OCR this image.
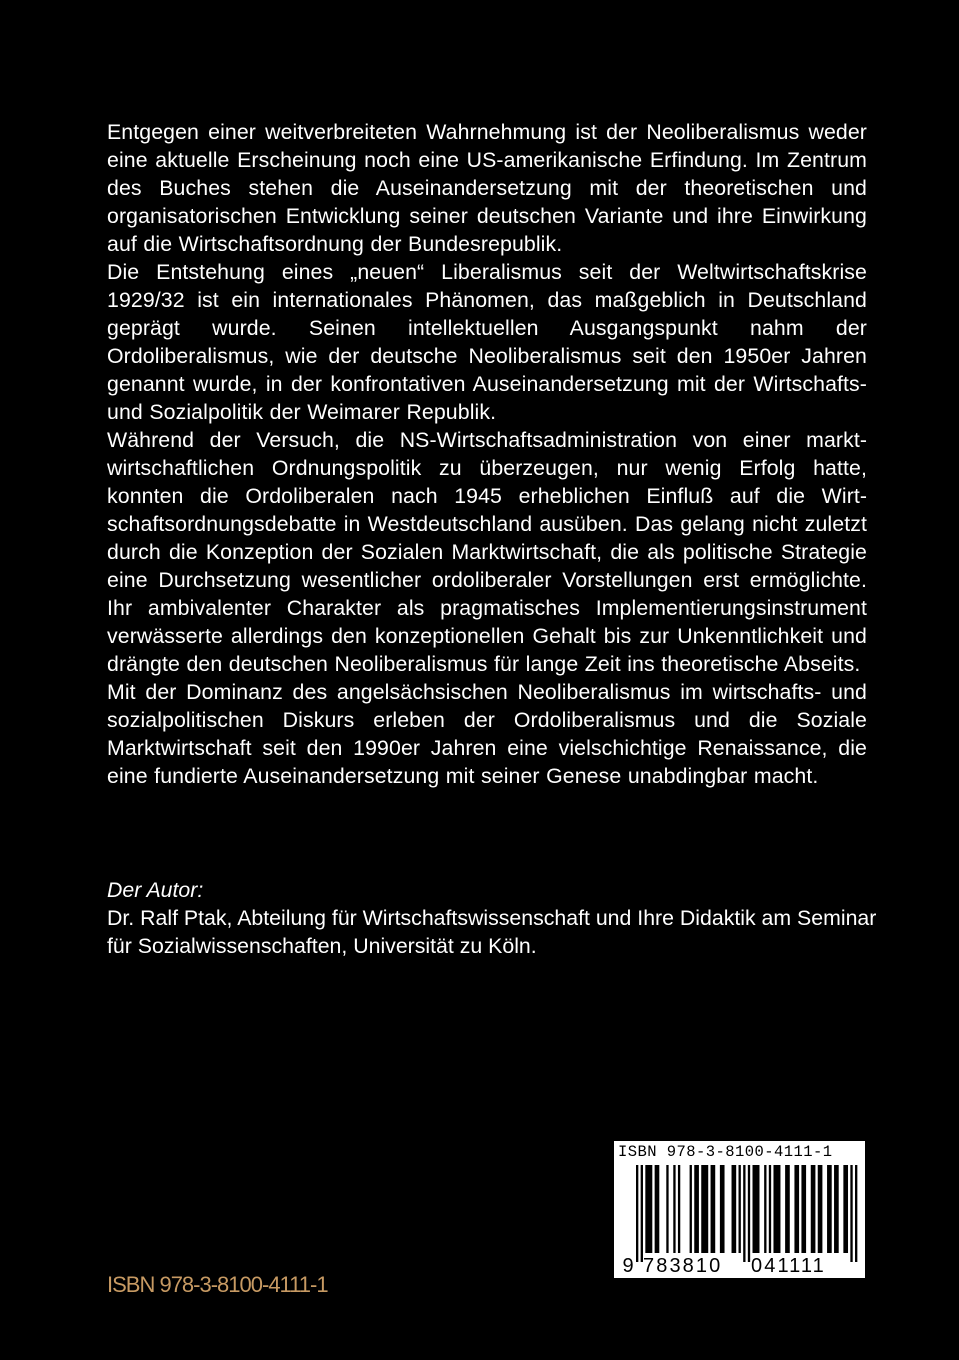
Entgegen einer weitverbreiteten Wahrnehmung ist der Neoliberalismus weder eine aktuelle Erscheinung noch eine US-amerikanische Erfindung. Im Zentrum des Buches stehen die Auseinandersetzung mit der theoretischen und organisatorischen Entwicklung seiner deutschen Variante und ihre Einwirkung auf die Wirtschaftsordnung der Bundesrepublik.

Die Entstehung eines „neuen“ Liberalismus seit der Weltwirtschaftskrise 1929/32 ist ein internationales Phänomen, das maßgeblich in Deutschland geprägt wurde. Seinen intellektuellen Ausgangspunkt nahm der Ordoliberalismus, wie der deutsche Neoliberalismus seit den 1950er Jahren genannt wurde, in der konfrontativen Auseinandersetzung mit der Wirtschafts- und Sozialpolitik der Weimarer Republik.

Während der Versuch, die NS-Wirtschaftsadministration von einer marktwirtschaftlichen Ordnungspolitik zu überzeugen, nur wenig Erfolg hatte, konnten die Ordoliberalen nach 1945 erheblichen Einfluß auf die Wirtschaftsordnungsdebatte in Westdeutschland ausüben. Das gelang nicht zuletzt durch die Konzeption der Sozialen Marktwirtschaft, die als politische Strategie eine Durchsetzung wesentlicher ordoliberaler Vorstellungen erst ermöglichte. Ihr ambivalenter Charakter als pragmatisches Implementierungsinstrument verwässerte allerdings den konzeptionellen Gehalt bis zur Unkenntlichkeit und drängte den deutschen Neoliberalismus für lange Zeit ins theoretische Abseits.

Mit der Dominanz des angelsächsischen Neoliberalismus im wirtschafts- und sozialpolitischen Diskurs erleben der Ordoliberalismus und die Soziale Marktwirtschaft seit den 1990er Jahren eine vielschichtige Renaissance, die eine fundierte Auseinandersetzung mit seiner Genese unabdingbar macht.

Der Autor:
Dr. Ralf Ptak, Abteilung für Wirtschaftswissenschaft und Ihre Didaktik am Seminar für Sozialwissenschaften, Universität zu Köln.
9 783810 041111
ISBN 978-3-8100-4111-1
ISBN 978-3-8100-4111-1
